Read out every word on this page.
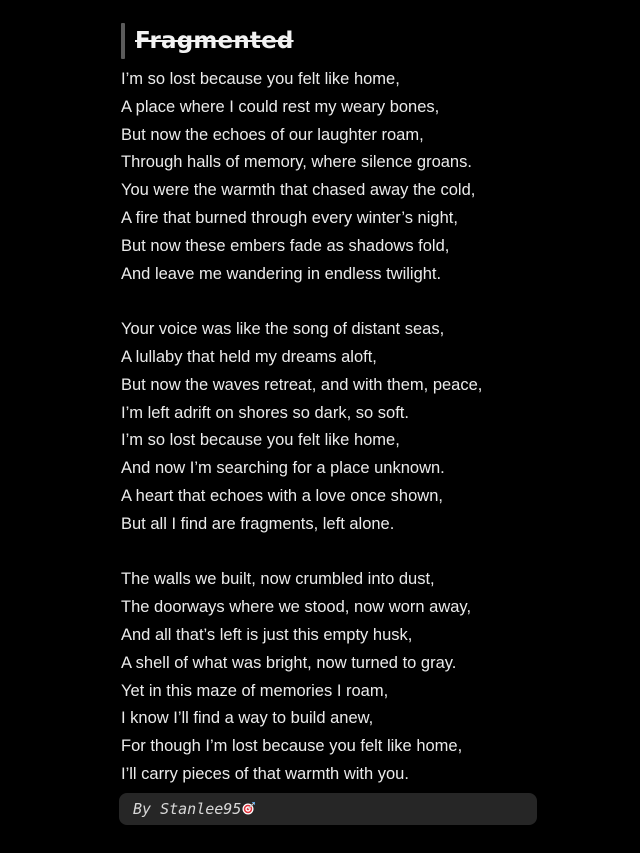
Fragmented
I’m so lost because you felt like home,
A place where I could rest my weary bones,
But now the echoes of our laughter roam,
Through halls of memory, where silence groans.
You were the warmth that chased away the cold,
A fire that burned through every winter’s night,
But now these embers fade as shadows fold,
And leave me wandering in endless twilight.
Your voice was like the song of distant seas,
A lullaby that held my dreams aloft,
But now the waves retreat, and with them, peace,
I’m left adrift on shores so dark, so soft.
I’m so lost because you felt like home,
And now I’m searching for a place unknown.
A heart that echoes with a love once shown,
But all I find are fragments, left alone.
The walls we built, now crumbled into dust,
The doorways where we stood, now worn away,
And all that’s left is just this empty husk,
A shell of what was bright, now turned to gray.
Yet in this maze of memories I roam,
I know I’ll find a way to build anew,
For though I’m lost because you felt like home,
I’ll carry pieces of that warmth with you.
By Stanlee95
